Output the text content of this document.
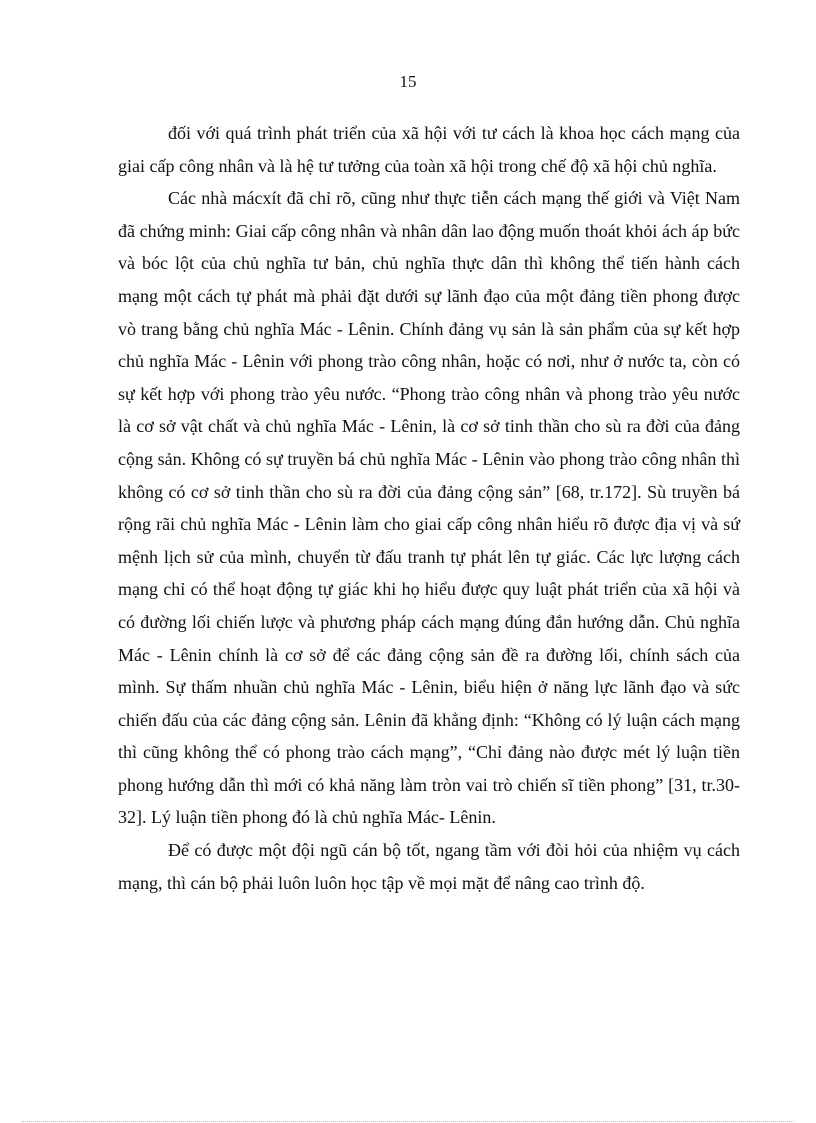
15

đối với quá trình phát triển của xã hội với tư cách là khoa học cách mạng của giai cấp công nhân và là hệ tư tưởng của toàn xã hội trong chế độ xã hội chủ nghĩa.

Các nhà mácxít đã chỉ rõ, cũng như thực tiễn cách mạng thế giới và Việt Nam đã chứng minh: Giai cấp công nhân và nhân dân lao động muốn thoát khỏi ách áp bức và bóc lột của chủ nghĩa tư bản, chủ nghĩa thực dân thì không thể tiến hành cách mạng một cách tự phát mà phải đặt dưới sự lãnh đạo của một đảng tiền phong được vò trang bằng chủ nghĩa Mác - Lênin. Chính đảng vụ sản là sản phẩm của sự kết hợp chủ nghĩa Mác - Lênin với phong trào công nhân, hoặc có nơi, như ở nước ta, còn có sự kết hợp với phong trào yêu nước. “Phong trào công nhân và phong trào yêu nước là cơ sở vật chất và chủ nghĩa Mác - Lênin, là cơ sở tinh thần cho sù ra đời của đảng cộng sản. Không có sự truyền bá chủ nghĩa Mác - Lênin vào phong trào công nhân thì không có cơ sở tinh thần cho sù ra đời của đảng cộng sản” [68, tr.172]. Sù truyền bá rộng rãi chủ nghĩa Mác - Lênin làm cho giai cấp công nhân hiểu rõ được địa vị và sứ mệnh lịch sử của mình, chuyển từ đấu tranh tự phát lên tự giác. Các lực lượng cách mạng chỉ có thể hoạt động tự giác khi họ hiểu được quy luật phát triển của xã hội và có đường lối chiến lược và phương pháp cách mạng đúng đắn hướng dẫn. Chủ nghĩa Mác - Lênin chính là cơ sở để các đảng cộng sản đề ra đường lối, chính sách của mình. Sự thấm nhuần chủ nghĩa Mác - Lênin, biểu hiện ở năng lực lãnh đạo và sức chiến đấu của các đảng cộng sản. Lênin đã khẳng định: “Không có lý luận cách mạng thì cũng không thể có phong trào cách mạng”, “Chỉ đảng nào được mét lý luận tiền phong hướng dẫn thì mới có khả năng làm tròn vai trò chiến sĩ tiền phong” [31, tr.30-32]. Lý luận tiền phong đó là chủ nghĩa Mác- Lênin.

Để có được một đội ngũ cán bộ tốt, ngang tầm với đòi hỏi của nhiệm vụ cách mạng, thì cán bộ phải luôn luôn học tập về mọi mặt để nâng cao trình độ.
